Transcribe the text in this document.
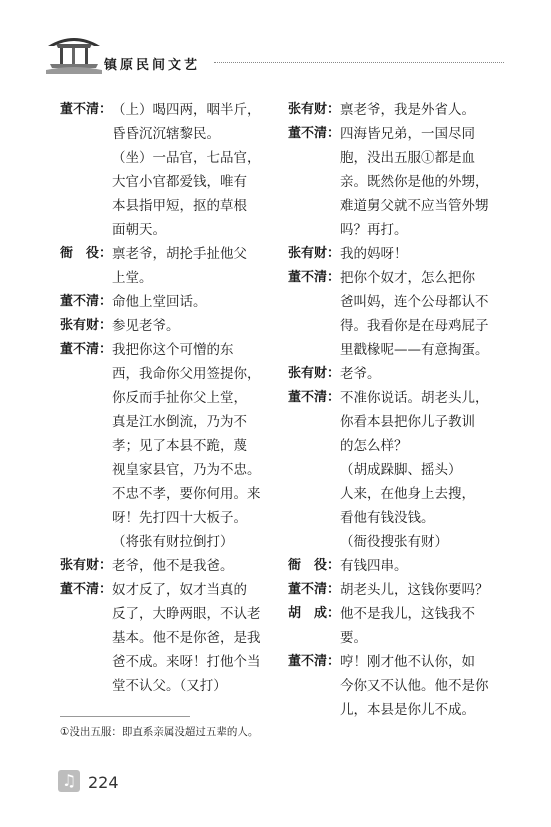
镇原民间文艺
董不清： （上）喝四两，咽半斤，

昏昏沉沉辖黎民。

（坐）一品官，七品官，

大官小官都爱钱，唯有

本县指甲短，抠的草根

面朝天。

衙　役： 禀老爷，胡抡手扯他父

上堂。

董不清： 命他上堂回话。

张有财： 参见老爷。

董不清： 我把你这个可憎的东

西，我命你父用签提你，

你反而手扯你父上堂，

真是江水倒流，乃为不

孝；见了本县不跪，蔑

视皇家县官，乃为不忠。

不忠不孝，要你何用。来

呀！先打四十大板子。

（将张有财拉倒打）

张有财： 老爷，他不是我爸。

董不清： 奴才反了，奴才当真的

反了，大睁两眼，不认老

基本。他不是你爸，是我

爸不成。来呀！打他个当

堂不认父。（又打）

张有财： 禀老爷，我是外省人。

董不清： 四海皆兄弟，一国尽同

胞，没出五服①都是血

亲。既然你是他的外甥，

难道舅父就不应当管外甥

吗？再打。

张有财： 我的妈呀！

董不清： 把你个奴才，怎么把你

爸叫妈，连个公母都认不

得。我看你是在母鸡屁子

里戳椽呢——有意掏蛋。

张有财： 老爷。

董不清： 不准你说话。胡老头儿，

你看本县把你儿子教训

的怎么样？

（胡成跺脚、摇头）

人来，在他身上去搜，

看他有钱没钱。

（衙役搜张有财）

衙　役： 有钱四串。

董不清： 胡老头儿，这钱你要吗？

胡　成： 他不是我儿，这钱我不要。

董不清： 哼！刚才他不认你，如

今你又不认他。他不是你

儿，本县是你儿不成。

①没出五服：即直系亲属没超过五辈的人。
♫ 224
